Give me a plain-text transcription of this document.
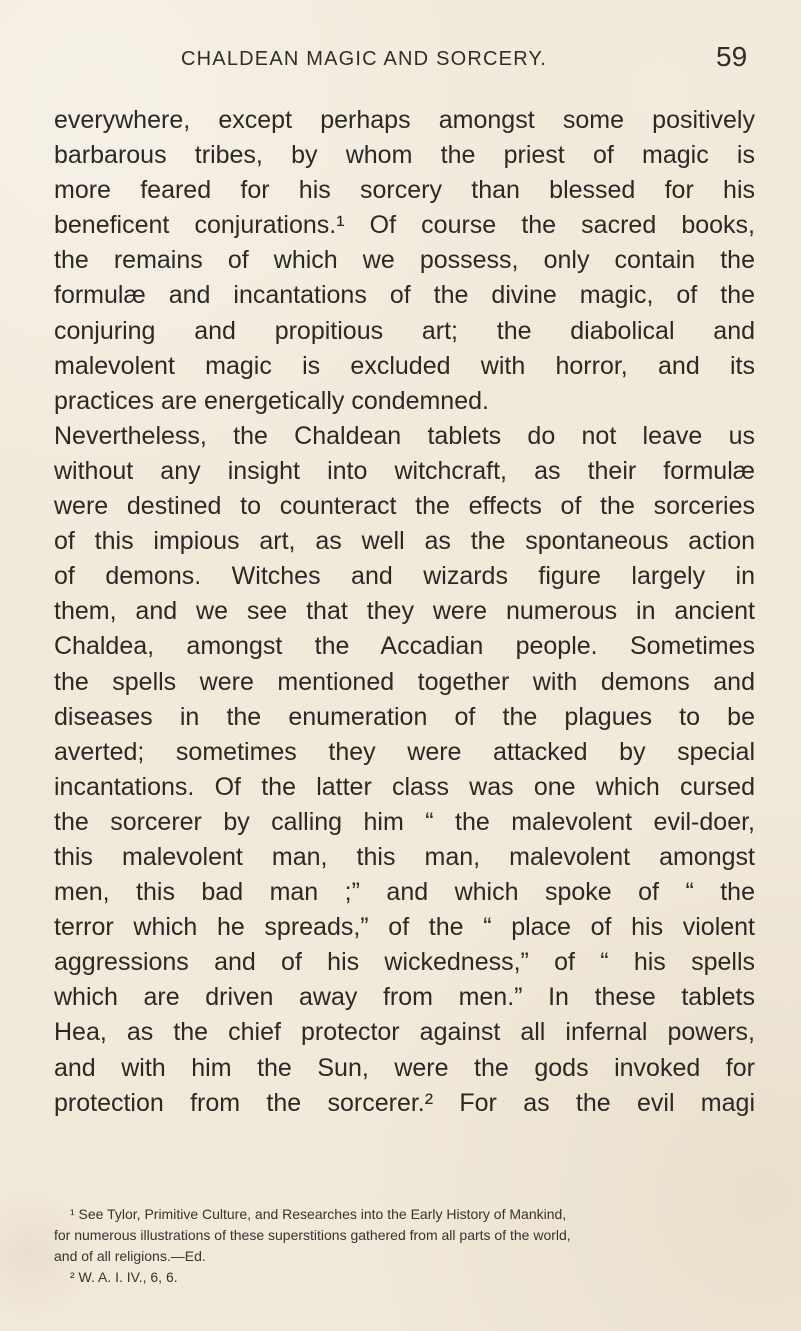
CHALDEAN MAGIC AND SORCERY.	59
everywhere, except perhaps amongst some positively
barbarous tribes, by whom the priest of magic is
more feared for his sorcery than blessed for his
beneficent conjurations.¹ Of course the sacred books,
the remains of which we possess, only contain the
formulæ and incantations of the divine magic, of the
conjuring and propitious art; the diabolical and
malevolent magic is excluded with horror, and its
practices are energetically condemned.
Nevertheless, the Chaldean tablets do not leave us
without any insight into witchcraft, as their formulæ
were destined to counteract the effects of the sorceries
of this impious art, as well as the spontaneous action
of demons. Witches and wizards figure largely in
them, and we see that they were numerous in ancient
Chaldea, amongst the Accadian people. Sometimes
the spells were mentioned together with demons and
diseases in the enumeration of the plagues to be
averted; sometimes they were attacked by special
incantations. Of the latter class was one which cursed
the sorcerer by calling him “ the malevolent evil-doer,
this malevolent man, this man, malevolent amongst
men, this bad man ;” and which spoke of “ the
terror which he spreads,” of the “ place of his violent
aggressions and of his wickedness,” of “ his spells
which are driven away from men.” In these tablets
Hea, as the chief protector against all infernal powers,
and with him the Sun, were the gods invoked for
protection from the sorcerer.² For as the evil magi
¹ See Tylor, Primitive Culture, and Researches into the Early History of Mankind,
for numerous illustrations of these superstitions gathered from all parts of the world,
and of all religions.—Ed.
² W. A. I. IV., 6, 6.
